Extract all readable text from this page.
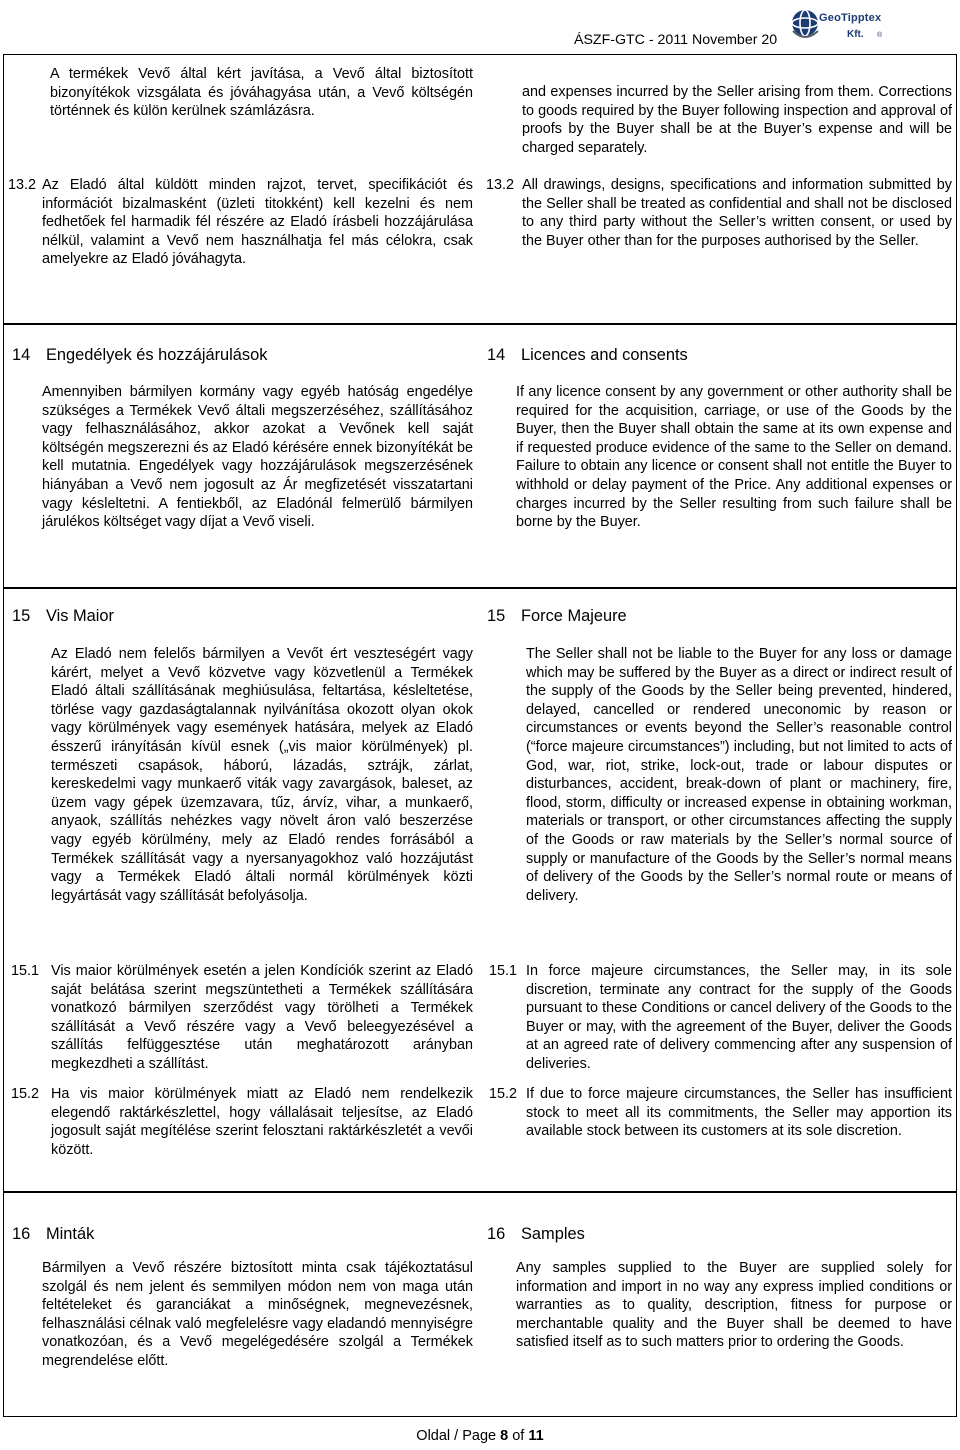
ÁSZF-GTC - 2011 November 20
GeoTipptex
Kft. ®

A termékek Vevő által kért javítása, a Vevő által biztosított bizonyítékok vizsgálata és jóváhagyása után, a Vevő költségén történnek és külön kerülnek számlázásra.

13.2 Az Eladó által küldött minden rajzot, tervet, specifikációt és információt bizalmasként (üzleti titokként) kell kezelni és nem fedhetőek fel harmadik fél részére az Eladó írásbeli hozzájárulása nélkül, valamint a Vevő nem használhatja fel más célokra, csak amelyekre az Eladó jóváhagyta.

and expenses incurred by the Seller arising from them. Corrections to goods required by the Buyer following inspection and approval of proofs by the Buyer shall be at the Buyer’s expense and will be charged separately.

13.2 All drawings, designs, specifications and information submitted by the Seller shall be treated as confidential and shall not be disclosed to any third party without the Seller’s written consent, or used by the Buyer other than for the purposes authorised by the Seller.

14 Engedélyek és hozzájárulások

Amennyiben bármilyen kormány vagy egyéb hatóság engedélye szükséges a Termékek Vevő általi megszerzéséhez, szállításához vagy felhasználásához, akkor azokat a Vevőnek kell saját költségén megszerezni és az Eladó kérésére ennek bizonyítékát be kell mutatnia. Engedélyek vagy hozzájárulások megszerzésének hiányában a Vevő nem jogosult az Ár megfizetését visszatartani vagy késleltetni. A fentiekből, az Eladónál felmerülő bármilyen járulékos költséget vagy díjat a Vevő viseli.

14 Licences and consents

If any licence consent by any government or other authority shall be required for the acquisition, carriage, or use of the Goods by the Buyer, then the Buyer shall obtain the same at its own expense and if requested produce evidence of the same to the Seller on demand. Failure to obtain any licence or consent shall not entitle the Buyer to withhold or delay payment of the Price. Any additional expenses or charges incurred by the Seller resulting from such failure shall be borne by the Buyer.

15 Vis Maior

Az Eladó nem felelős bármilyen a Vevőt ért veszteségért vagy kárért, melyet a Vevő közvetve vagy közvetlenül a Termékek Eladó általi szállításának meghiúsulása, feltartása, késleltetése, törlése vagy gazdaságtalannak nyilvánítása okozott olyan okok vagy körülmények vagy események hatására, melyek az Eladó ésszerű irányításán kívül esnek („vis maior körülmények) pl. természeti csapások, háború, lázadás, sztrájk, zárlat, kereskedelmi vagy munkaerő viták vagy zavargások, baleset, az üzem vagy gépek üzemzavara, tűz, árvíz, vihar, a munkaerő, anyaok, szállítás nehézkes vagy növelt áron való beszerzése vagy egyéb körülmény, mely az Eladó rendes forrásából a Termékek szállítását vagy a nyersanyagokhoz való hozzájutást vagy a Termékek Eladó általi normál körülmények közti legyártását vagy szállítását befolyásolja.

15.1 Vis maior körülmények esetén a jelen Kondíciók szerint az Eladó saját belátása szerint megszüntetheti a Termékek szállítására vonatkozó bármilyen szerződést vagy törölheti a Termékek szállítását a Vevő részére vagy a Vevő beleegyezésével a szállítás felfüggesztése után meghatározott arányban megkezdheti a szállítást.

15.2 Ha vis maior körülmények miatt az Eladó nem rendelkezik elegendő raktárkészlettel, hogy vállalásait teljesítse, az Eladó jogosult saját megítélése szerint felosztani raktárkészletét a vevői között.

15 Force Majeure

The Seller shall not be liable to the Buyer for any loss or damage which may be suffered by the Buyer as a direct or indirect result of the supply of the Goods by the Seller being prevented, hindered, delayed, cancelled or rendered uneconomic by reason or circumstances or events beyond the Seller’s reasonable control (“force majeure circumstances”) including, but not limited to acts of God, war, riot, strike, lock-out, trade or labour disputes or disturbances, accident, break-down of plant or machinery, fire, flood, storm, difficulty or increased expense in obtaining workman, materials or transport, or other circumstances affecting the supply of the Goods or raw materials by the Seller’s normal source of supply or manufacture of the Goods by the Seller’s normal means of delivery of the Goods by the Seller’s normal route or means of delivery.

15.1 In force majeure circumstances, the Seller may, in its sole discretion, terminate any contract for the supply of the Goods pursuant to these Conditions or cancel delivery of the Goods to the Buyer or may, with the agreement of the Buyer, deliver the Goods at an agreed rate of delivery commencing after any suspension of deliveries.

15.2 If due to force majeure circumstances, the Seller has insufficient stock to meet all its commitments, the Seller may apportion its available stock between its customers at its sole discretion.

16 Minták

Bármilyen a Vevő részére biztosított minta csak tájékoztatásul szolgál és nem jelent és semmilyen módon nem von maga után feltételeket és garanciákat a minőségnek, megnevezésnek, felhasználási célnak való megfelelésre vagy eladandó mennyiségre vonatkozóan, és a Vevő megelégedésére szolgál a Termékek megrendelése előtt.

16 Samples

Any samples supplied to the Buyer are supplied solely for information and import in no way any express implied conditions or warranties as to quality, description, fitness for purpose or merchantable quality and the Buyer shall be deemed to have satisfied itself as to such matters prior to ordering the Goods.

Oldal / Page 8 of 11
